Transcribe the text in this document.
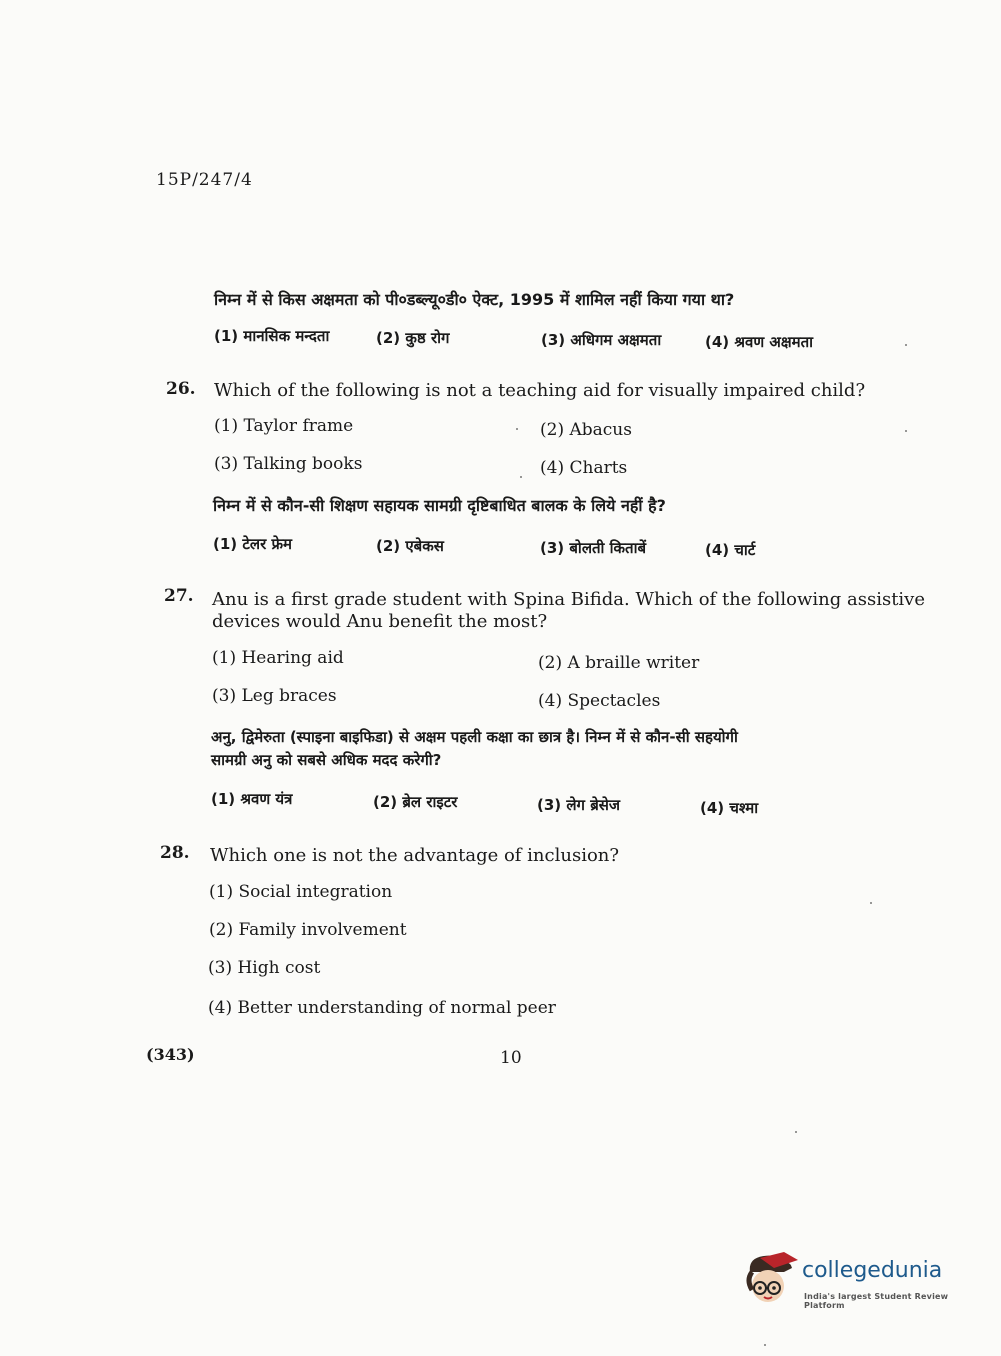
15P/247/4
निम्न में से किस अक्षमता को पी०डब्ल्यू०डी० ऐक्ट, 1995 में शामिल नहीं किया गया था?
(1) मानसिक मन्दता	(2) कुष्ठ रोग	(3) अधिगम अक्षमता	(4) श्रवण अक्षमता
26. Which of the following is not a teaching aid for visually impaired child?
(1) Taylor frame	(2) Abacus
(3) Talking books	(4) Charts
निम्न में से कौन-सी शिक्षण सहायक सामग्री दृष्टिबाधित बालक के लिये नहीं है?
(1) टेलर फ्रेम	(2) एबेकस	(3) बोलती किताबें	(4) चार्ट
27. Anu is a first grade student with Spina Bifida. Which of the following assistive
devices would Anu benefit the most?
(1) Hearing aid	(2) A braille writer
(3) Leg braces	(4) Spectacles
अनु, द्विमेरुता (स्पाइना बाइफिडा) से अक्षम पहली कक्षा का छात्र है। निम्न में से कौन-सी सहयोगी
सामग्री अनु को सबसे अधिक मदद करेगी?
(1) श्रवण यंत्र	(2) ब्रेल राइटर	(3) लेग ब्रेसेज	(4) चश्मा
28. Which one is not the advantage of inclusion?
(1) Social integration
(2) Family involvement
(3) High cost
(4) Better understanding of normal peer
(343)	10
collegedunia
India's largest Student Review Platform
